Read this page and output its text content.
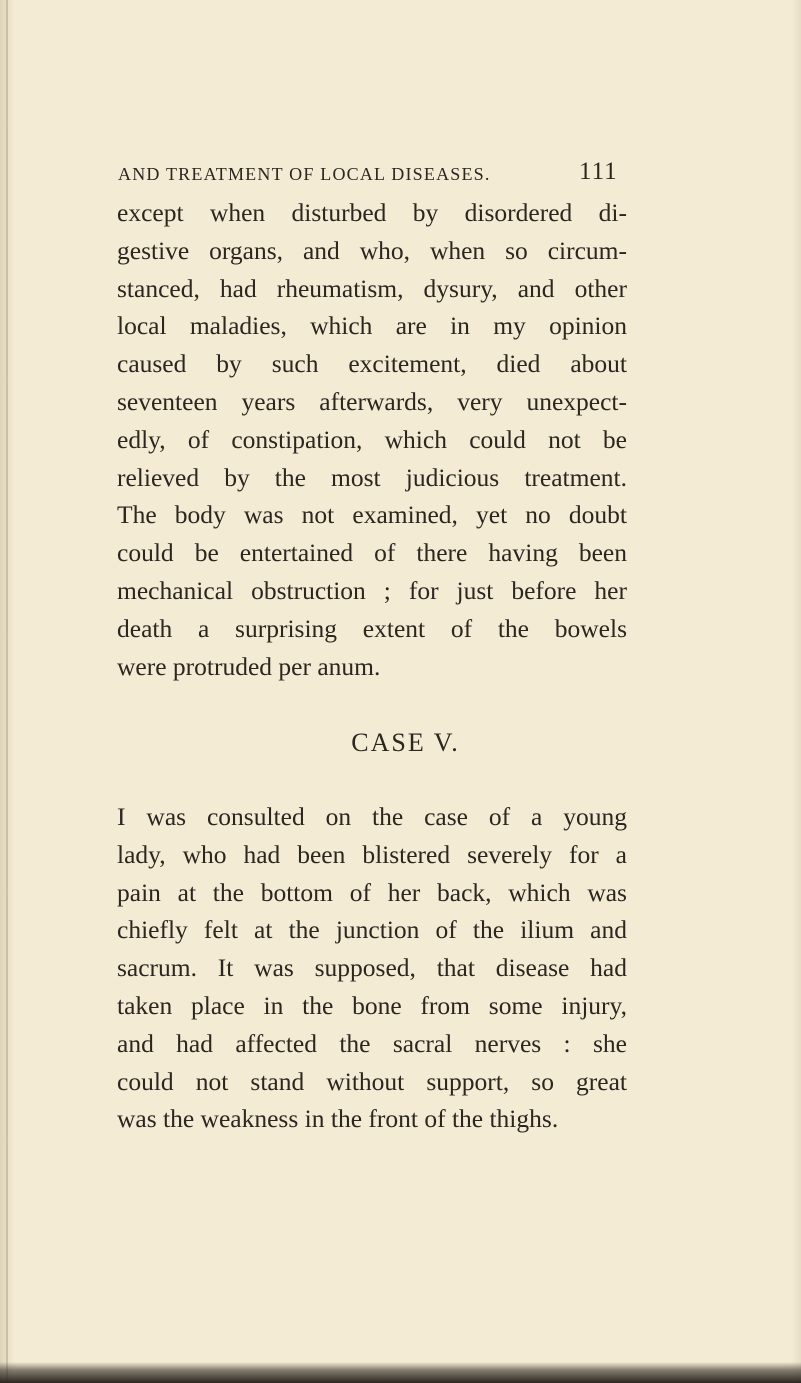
AND TREATMENT OF LOCAL DISEASES.	111
except when disturbed by disordered di-
gestive organs, and who, when so circum-
stanced, had rheumatism, dysury, and other
local maladies, which are in my opinion
caused by such excitement, died about
seventeen years afterwards, very unexpect-
edly, of constipation, which could not be
relieved by the most judicious treatment.
The body was not examined, yet no doubt
could be entertained of there having been
mechanical obstruction ; for just before her
death a surprising extent of the bowels
were protruded per anum.
CASE V.
I was consulted on the case of a young
lady, who had been blistered severely for a
pain at the bottom of her back, which was
chiefly felt at the junction of the ilium and
sacrum. It was supposed, that disease had
taken place in the bone from some injury,
and had affected the sacral nerves : she
could not stand without support, so great
was the weakness in the front of the thighs.
